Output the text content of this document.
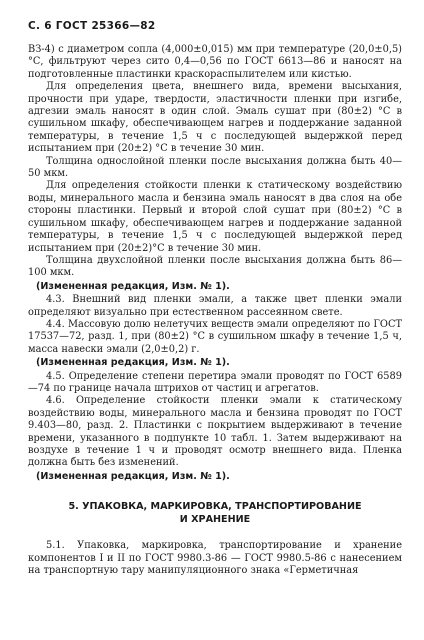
С. 6 ГОСТ 25366—82

ВЗ-4) с диаметром сопла (4,000±0,015) мм при температуре (20,0±0,5)°С, фильтруют через сито 0,4—0,56 по ГОСТ 6613—86 и наносят на подготовленные пластинки краскораспылителем или кистью.

Для определения цвета, внешнего вида, времени высыхания, прочности при ударе, твердости, эластичности пленки при изгибе, адгезии эмаль наносят в один слой. Эмаль сушат при (80±2) °С в сушильном шкафу, обеспечивающем нагрев и поддержание заданной температуры, в течение 1,5 ч с последующей выдержкой перед испытанием при (20±2) °С в течение 30 мин.

Толщина однослойной пленки после высыхания должна быть 40—50 мкм.

Для определения стойкости пленки к статическому воздействию воды, минерального масла и бензина эмаль наносят в два слоя на обе стороны пластинки. Первый и второй слой сушат при (80±2) °С в сушильном шкафу, обеспечивающем нагрев и поддержание заданной температуры, в течение 1,5 ч с последующей выдержкой перед испытанием при (20±2)°С в течение 30 мин.

Толщина двухслойной пленки после высыхания должна быть 86—100 мкм.

(Измененная редакция, Изм. № 1).

4.3. Внешний вид пленки эмали, а также цвет пленки эмали определяют визуально при естественном рассеянном свете.

4.4. Массовую долю нелетучих веществ эмали определяют по ГОСТ 17537—72, разд. 1, при (80±2) °С в сушильном шкафу в течение 1,5 ч, масса навески эмали (2,0±0,2) г.

(Измененная редакция, Изм. № 1).

4.5. Определение степени перетира эмали проводят по ГОСТ 6589—74 по границе начала штрихов от частиц и агрегатов.

4.6. Определение стойкости пленки эмали к статическому воздействию воды, минерального масла и бензина проводят по ГОСТ 9.403—80, разд. 2. Пластинки с покрытием выдерживают в течение времени, указанного в подпункте 10 табл. 1. Затем выдерживают на воздухе в течение 1 ч и проводят осмотр внешнего вида. Пленка должна быть без изменений.

(Измененная редакция, Изм. № 1).

5. УПАКОВКА, МАРКИРОВКА, ТРАНСПОРТИРОВАНИЕ
И ХРАНЕНИЕ

5.1. Упаковка, маркировка, транспортирование и хранение компонентов I и II по ГОСТ 9980.3-86 — ГОСТ 9980.5-86 с нанесением на транспортную тару манипуляционного знака «Герметичная
